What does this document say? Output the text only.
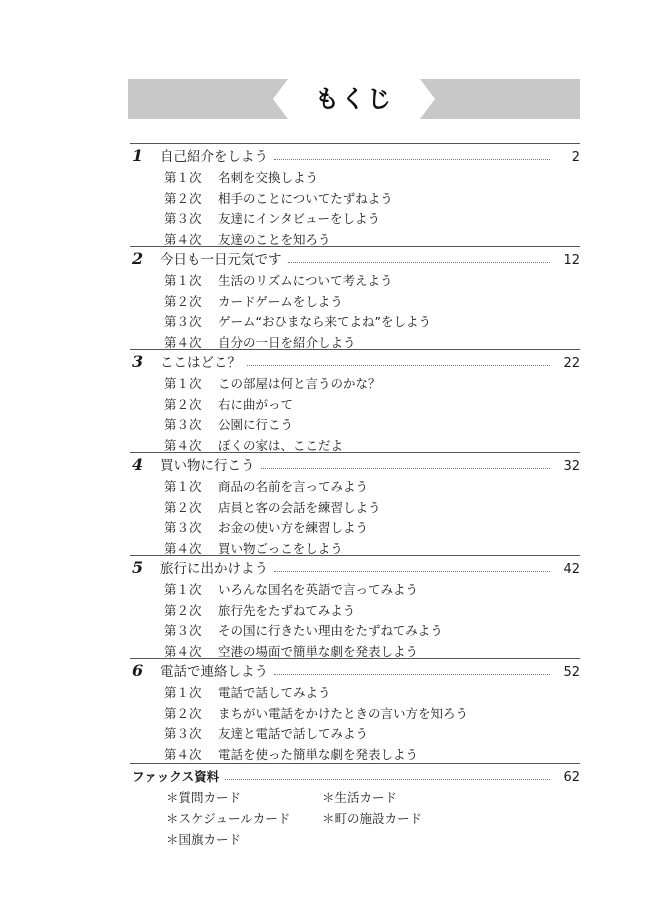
もくじ
1 自己紹介をしよう	2
第１次 名刺を交換しよう
第２次 相手のことについてたずねよう
第３次 友達にインタビューをしよう
第４次 友達のことを知ろう
2 今日も一日元気です	12
第１次 生活のリズムについて考えよう
第２次 カードゲームをしよう
第３次 ゲーム“おひまなら来てよね”をしよう
第４次 自分の一日を紹介しよう
3 ここはどこ？	22
第１次 この部屋は何と言うのかな？
第２次 右に曲がって
第３次 公園に行こう
第４次 ぼくの家は、ここだよ
4 買い物に行こう	32
第１次 商品の名前を言ってみよう
第２次 店員と客の会話を練習しよう
第３次 お金の使い方を練習しよう
第４次 買い物ごっこをしよう
5 旅行に出かけよう	42
第１次 いろんな国名を英語で言ってみよう
第２次 旅行先をたずねてみよう
第３次 その国に行きたい理由をたずねてみよう
第４次 空港の場面で簡単な劇を発表しよう
6 電話で連絡しよう	52
第１次 電話で話してみよう
第２次 まちがい電話をかけたときの言い方を知ろう
第３次 友達と電話で話してみよう
第４次 電話を使った簡単な劇を発表しよう
ファックス資料	62
＊質問カード	＊生活カード
＊スケジュールカード	＊町の施設カード
＊国旗カード
